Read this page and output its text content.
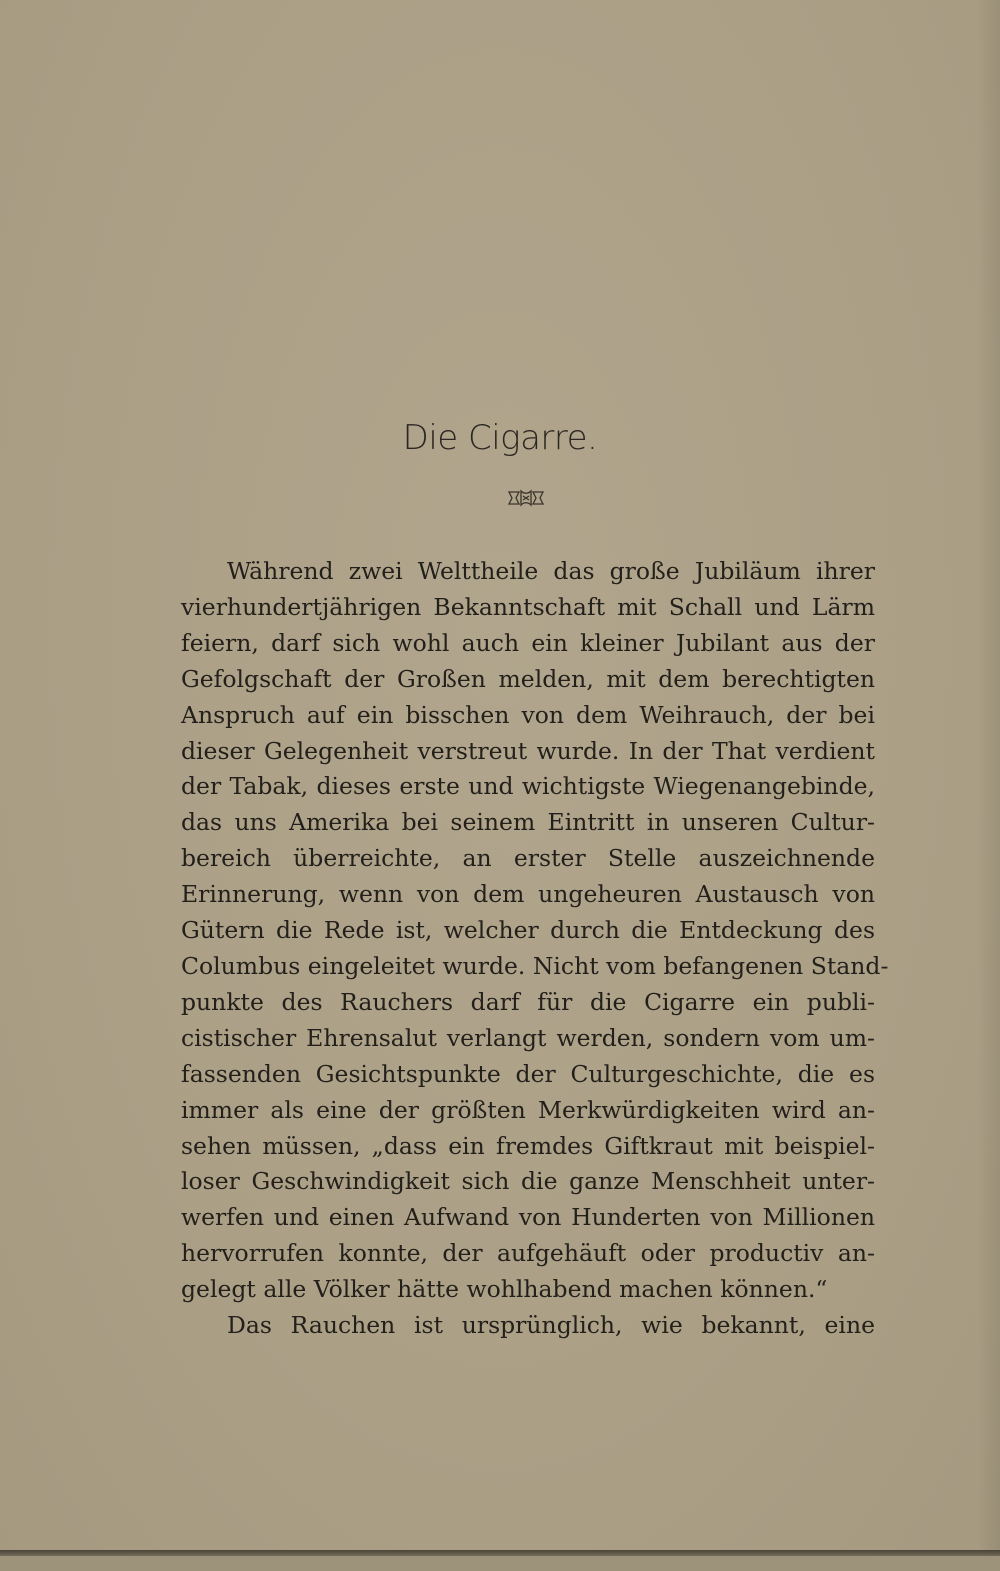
Die Cigarre.
Während zwei Welttheile das große Jubiläum ihrer
vierhundertjährigen Bekanntschaft mit Schall und Lärm
feiern, darf sich wohl auch ein kleiner Jubilant aus der
Gefolgschaft der Großen melden, mit dem berechtigten
Anspruch auf ein bisschen von dem Weihrauch, der bei
dieser Gelegenheit verstreut wurde. In der That verdient
der Tabak, dieses erste und wichtigste Wiegenangebinde,
das uns Amerika bei seinem Eintritt in unseren Cultur-
bereich überreichte, an erster Stelle auszeichnende
Erinnerung, wenn von dem ungeheuren Austausch von
Gütern die Rede ist, welcher durch die Entdeckung des
Columbus eingeleitet wurde. Nicht vom befangenen Stand-
punkte des Rauchers darf für die Cigarre ein publi-
cistischer Ehrensalut verlangt werden, sondern vom um-
fassenden Gesichtspunkte der Culturgeschichte, die es
immer als eine der größten Merkwürdigkeiten wird an-
sehen müssen, „dass ein fremdes Giftkraut mit beispiel-
loser Geschwindigkeit sich die ganze Menschheit unter-
werfen und einen Aufwand von Hunderten von Millionen
hervorrufen konnte, der aufgehäuft oder productiv an-
gelegt alle Völker hätte wohlhabend machen können.“
Das Rauchen ist ursprünglich, wie bekannt, eine
